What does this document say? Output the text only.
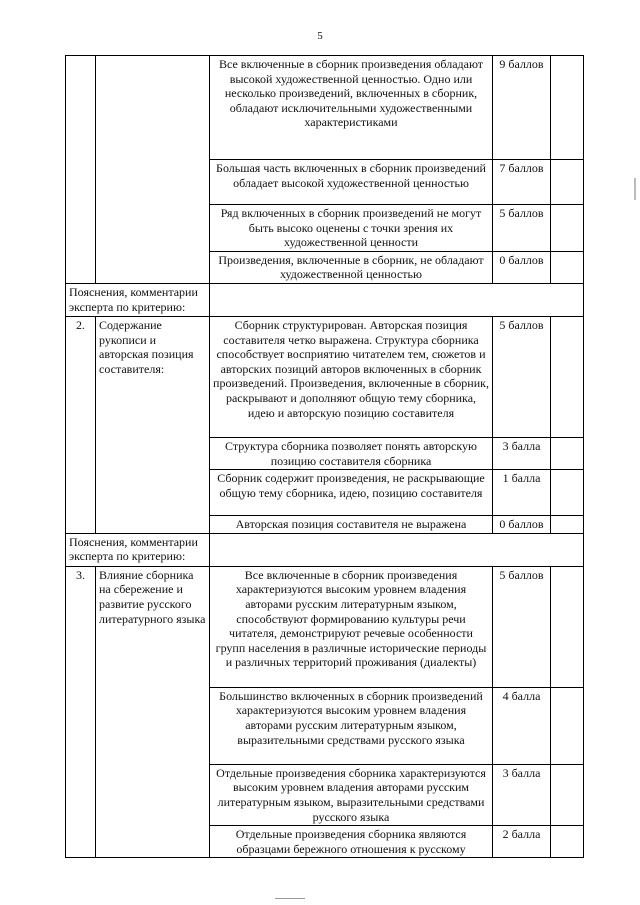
5
		Все включенные в сборник произведения обладают высокой художественной ценностью. Одно или несколько произведений, включенных в сборник, обладают исключительными художественными характеристиками	9 баллов	
		Большая часть включенных в сборник произведений обладает высокой художественной ценностью	7 баллов	
		Ряд включенных в сборник произведений не могут быть высоко оценены с точки зрения их художественной ценности	5 баллов	
		Произведения, включенные в сборник, не обладают художественной ценностью	0 баллов	
Пояснения, комментарии эксперта по критерию:				
2.	Содержание рукописи и авторская позиция составителя:	Сборник структурирован. Авторская позиция составителя четко выражена. Структура сборника способствует восприятию читателем тем, сюжетов и авторских позиций авторов включенных в сборник произведений. Произведения, включенные в сборник, раскрывают и дополняют общую тему сборника, идею и авторскую позицию составителя	5 баллов	
		Структура сборника позволяет понять авторскую позицию составителя сборника	3 балла	
		Сборник содержит произведения, не раскрывающие общую тему сборника, идею, позицию составителя	1 балла	
		Авторская позиция составителя не выражена	0 баллов	
Пояснения, комментарии эксперта по критерию:				
3.	Влияние сборника на сбережение и развитие русского литературного языка	Все включенные в сборник произведения характеризуются высоким уровнем владения авторами русским литературным языком, способствуют формированию культуры речи читателя, демонстрируют речевые особенности групп населения в различные исторические периоды и различных территорий проживания (диалекты)	5 баллов	
		Большинство включенных в сборник произведений характеризуются высоким уровнем владения авторами русским литературным языком, выразительными средствами русского языка	4 балла	
		Отдельные произведения сборника характеризуются высоким уровнем владения авторами русским литературным языком, выразительными средствами русского языка	3 балла	
		Отдельные произведения сборника являются образцами бережного отношения к русскому	2 балла	
